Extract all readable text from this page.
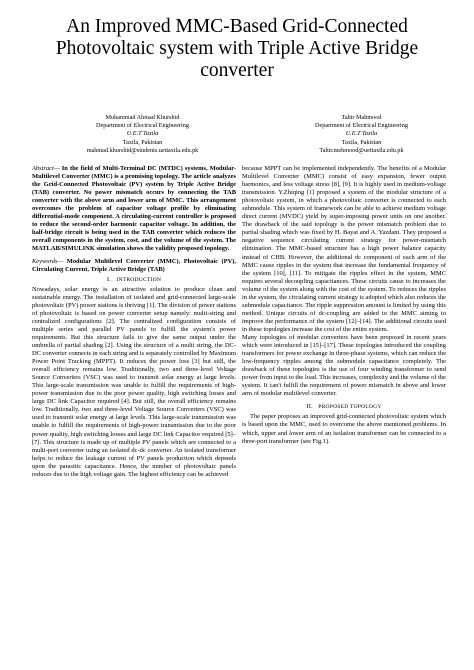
An Improved MMC-Based Grid-Connected Photovoltaic system with Triple Active Bridge converter
Muhammad Ahmad Khurshid
Department of Electrical Engineering
U.E.T Taxila
Taxila, Pakistan
mahmad.khurshid@students.uettaxila.edu.pk
Tahir Mahmood
Department of Electrical Engineering
U.E.T Taxila
Taxila, Pakistan
Tahir.mehmood@uettaxila.edu.pk

Abstract— In the field of Multi-Terminal DC (MTDC) systems, Modular-Multilevel Converter (MMC) is a promising topology. The article analyzes the Grid-Connected Photovoltaic (PV) system by Triple Active Bridge (TAB) converter. No power mismatch occurs by connecting the TAB converter with the above arm and lower arm of MMC. This arrangement overcomes the problem of capacitor voltage profile by eliminating differential-mode component. A circulating-current controller is proposed to reduce the second-order harmonic capacitor voltage. In addition, the half-bridge circuit is being used in the TAB converter which reduces the overall components in the system, cost, and the volume of the system. The MATLAB/SIMULINK simulation shows the validity proposed topology.

Keywords— Modular Multilevel Converter (MMC), Photovoltaic (PV), Circulating Current, Triple Active Bridge (TAB)

I. INTRODUCTION

Nowadays, solar energy is an attractive solution to produce clean and sustainable energy. The installation of isolated and grid-connected large-scale photovoltaic (PV) power stations is thriving [1]. The division of power stations of photovoltaic is based on power converter setup namely: multi-string and centralized configurations [2]. The centralized configuration consists of multiple series and parallel PV panels to fulfill the system's power requirements. But this structure fails to give the same output under the umbrella of partial shading [2]. Using the structure of a multi string, the DC-DC converter connects in each string and is separately controlled by Maximum Power Point Tracking (MPPT). It reduces the power loss [3] but still, the overall efficiency remains low. Traditionally, two and three-level Voltage Source Converters (VSC) was used to transmit solar energy at large levels. This large-scale transmission was unable to fulfill the requirements of high-power transmission due to the poor power quality, high switching losses and large DC link Capacitor required [4]. But still, the overall efficiency remains low. Traditionally, two and three-level Voltage Source Converters (VSC) was used to transmit solar energy at large levels. This large-scale transmission was unable to fulfill the requirements of high-power transmission due to the poor power quality, high switching losses and large DC link Capacitor required [5]–[7]. This structure is made up of multiple PV panels which are connected to a multi-port converter using an isolated dc-dc converter. An isolated transformer helps to reduce the leakage current of PV panels production which depends upon the parasitic capacitance. Hence, the number of photovoltaic panels reduces due to the high voltage gain. The highest efficiency can be achieved

because MPPT can be implemented independently. The benefits of a Modular Multilevel Converter (MMC) consist of easy expansion, fewer output harmonics, and less voltage stress [8], [9]. It is highly used in medium-voltage transmission. Y.Zhiqing [1] proposed a system of the modular structure of a photovoltaic system, in which a photovoltaic converter is connected to each submodule. This system of framework can be able to achieve medium voltage direct current (MVDC) yield by super-imposing power units on one another. The drawback of the said topology is the power mismatch problem due to partial shading which was fixed by H. Bayat and A. Yazdani. They proposed a negative sequence circulating current strategy for power-mismatch elimination. The MMC-based structure has a high power balance capacity instead of CHB. However, the additional dc component of each arm of the MMC cause ripples in the system that increase the fundamental frequency of the system [10], [11]. To mitigate the ripples effect in the system, MMC requires several decoupling capacitances. These circuits cause to increases the volume of the system along with the cost of the system. To reduces the ripples in the system, the circulating current strategy is adopted which also reduces the submodule capacitance. The ripple suppression amount is limited by using this method. Unique circuits of dc-coupling are added to the MMC aiming to improve the performance of the system [12]–[14]. The additional circuits used in these topologies increase the cost of the entire system.

Many topologies of modular converters have been proposed in recent years which were introduced in [15]–[17]. These topologies introduced the coupling transformers for power exchange in three-phase systems, which can reduce the low-frequency ripples among the submodule capacitance completely. The drawback of these topologies is the use of four winding transformer to send power from input to the load. This increases, complexity and the volume of the system. It can't fulfill the requirement of power mismatch in above and lower arm of modular multilevel converter.

II. PROPOSED TOPOLOGY

The paper proposes an improved grid-connected photovoltaic system which is based upon the MMC, used to overcome the above mentioned problems. In which, upper and lower arm of an isolation transformer can be connected to a three-port transformer (see Fig.1).
